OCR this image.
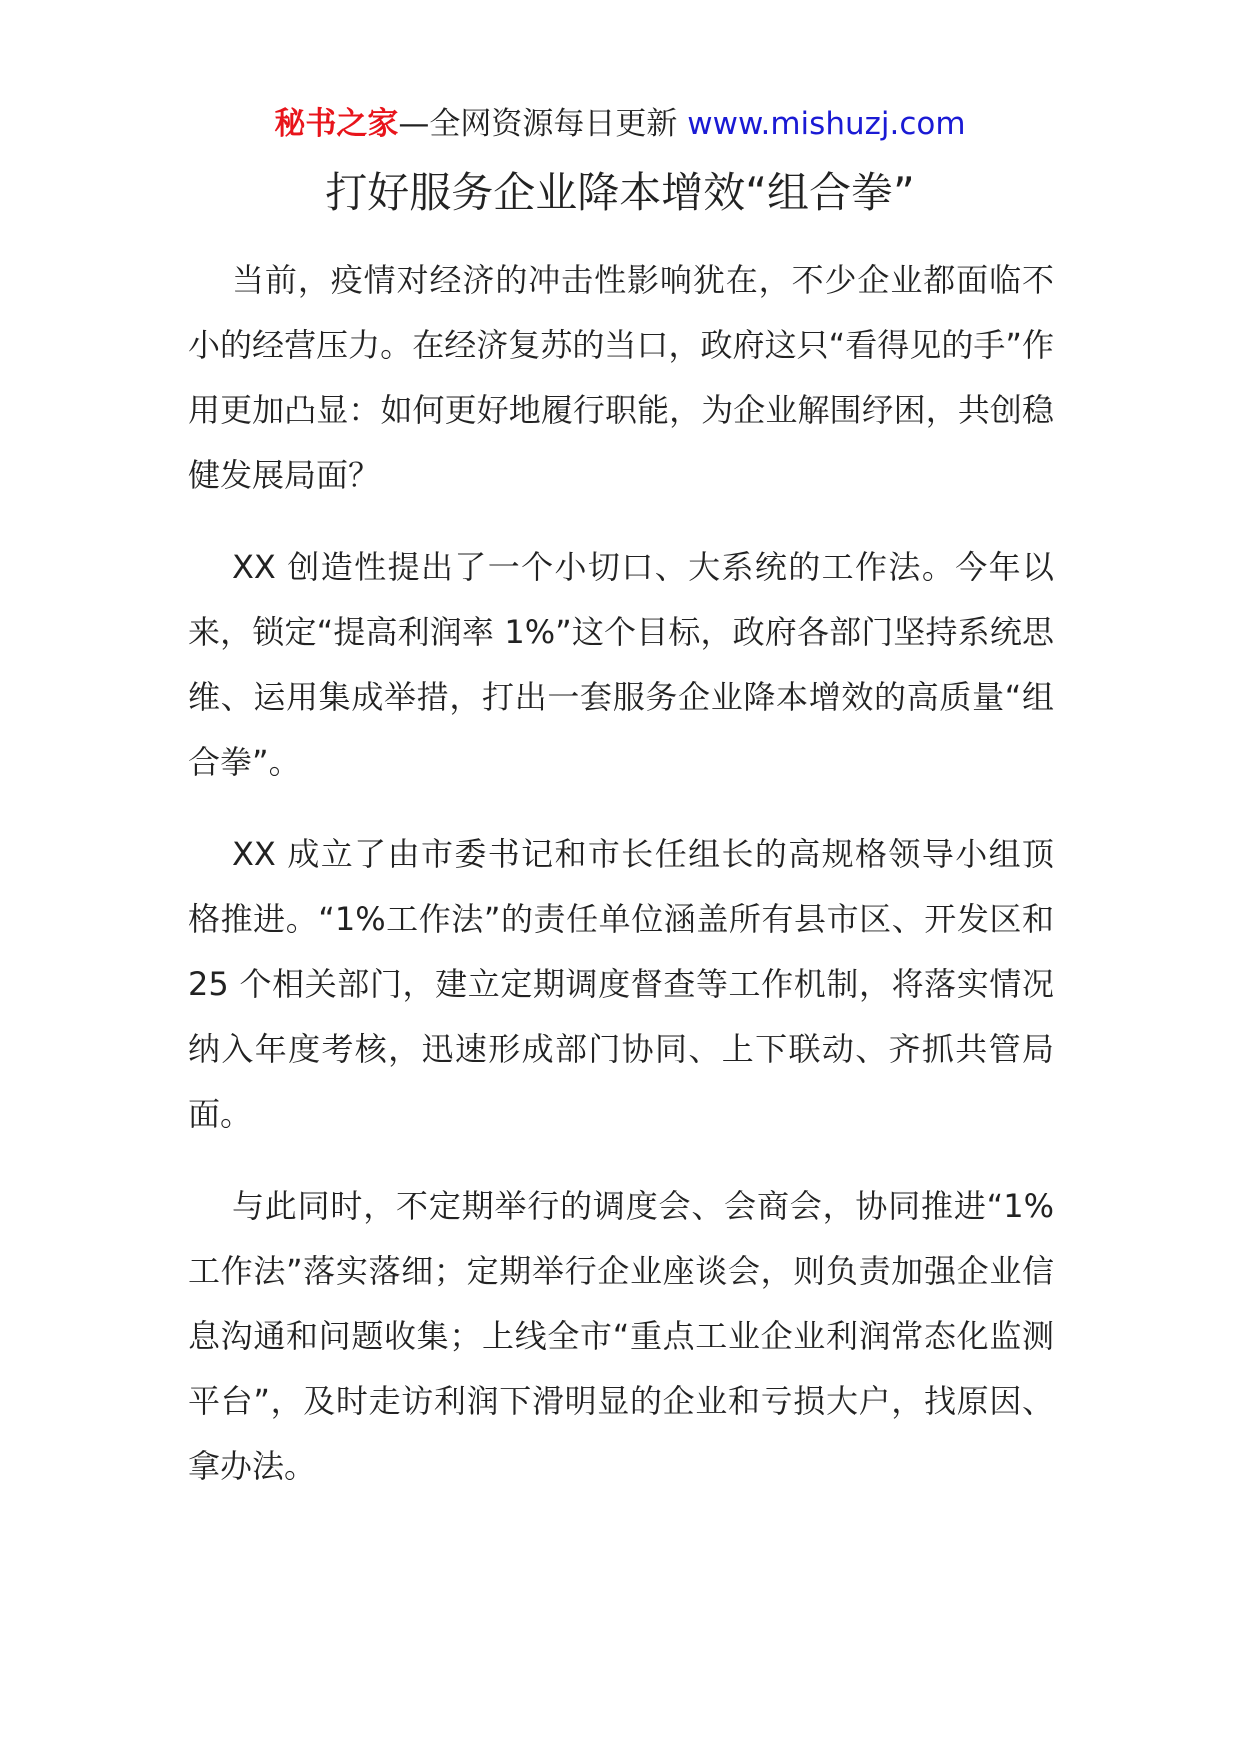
秘书之家—全网资源每日更新 www.mishuzj.com
打好服务企业降本增效“组合拳”

当前，疫情对经济的冲击性影响犹在，不少企业都面临不小的经营压力。在经济复苏的当口，政府这只“看得见的手”作用更加凸显：如何更好地履行职能，为企业解围纾困，共创稳健发展局面？

XX 创造性提出了一个小切口、大系统的工作法。今年以来，锁定“提高利润率 1%”这个目标，政府各部门坚持系统思维、运用集成举措，打出一套服务企业降本增效的高质量“组合拳”。

XX 成立了由市委书记和市长任组长的高规格领导小组顶格推进。“1%工作法”的责任单位涵盖所有县市区、开发区和 25 个相关部门，建立定期调度督查等工作机制，将落实情况纳入年度考核，迅速形成部门协同、上下联动、齐抓共管局面。

与此同时，不定期举行的调度会、会商会，协同推进“1%工作法”落实落细；定期举行企业座谈会，则负责加强企业信息沟通和问题收集；上线全市“重点工业企业利润常态化监测平台”，及时走访利润下滑明显的企业和亏损大户，找原因、拿办法。
